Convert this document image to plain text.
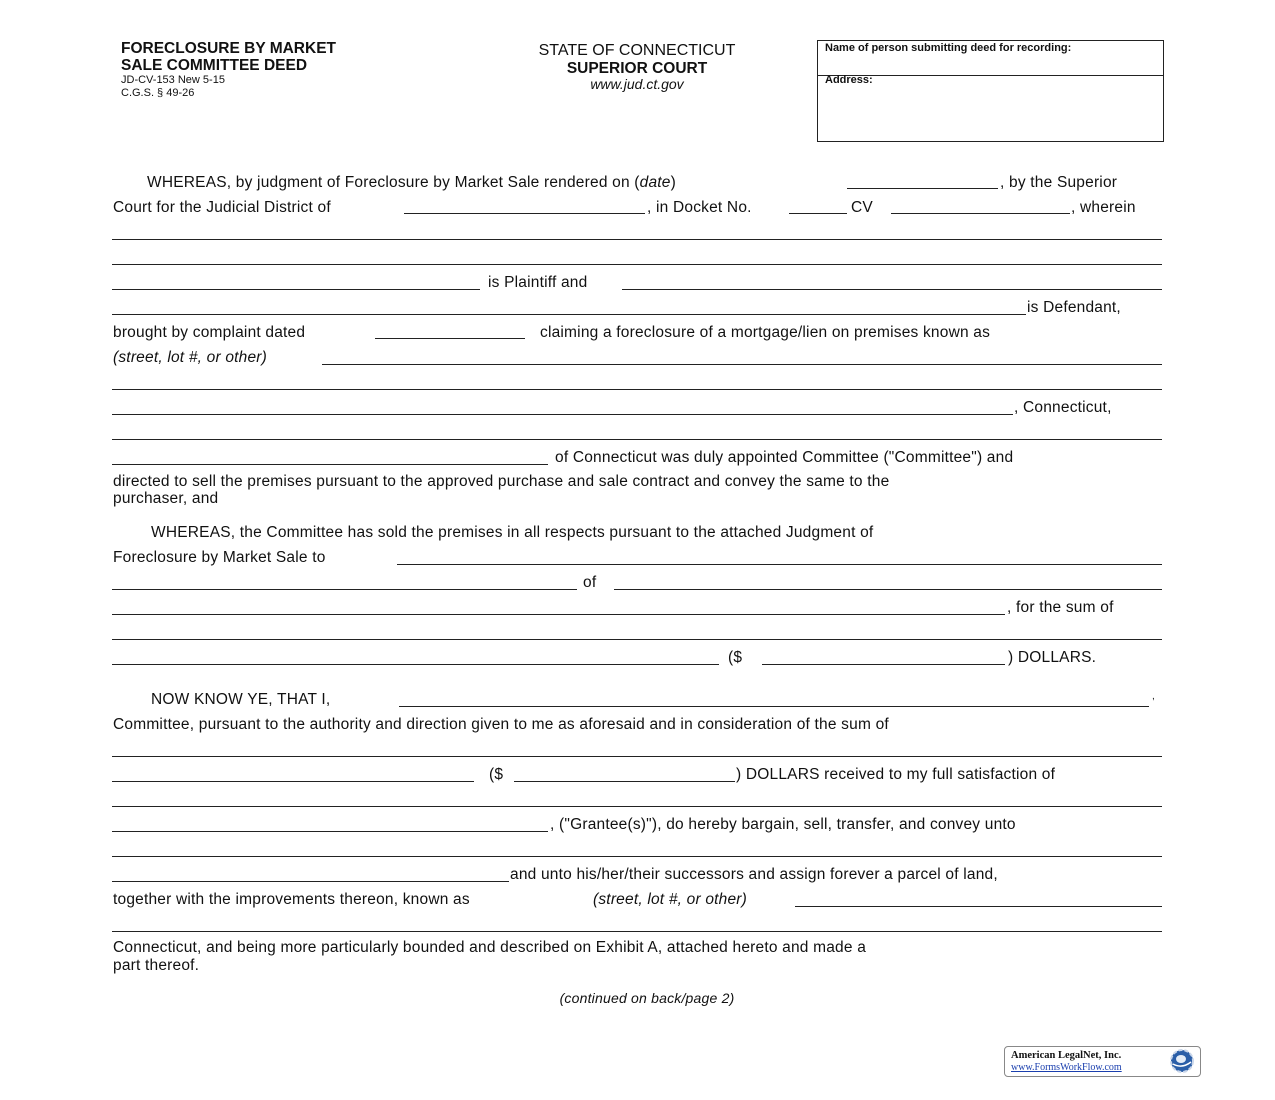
FORECLOSURE BY MARKET
SALE COMMITTEE DEED
JD-CV-153 New 5-15
C.G.S. § 49-26
STATE OF CONNECTICUT
SUPERIOR COURT
www.jud.ct.gov
Name of person submitting deed for recording:
Address:
WHEREAS, by judgment of Foreclosure by Market Sale rendered on (date)	, by the Superior
Court for the Judicial District of	, in Docket No.	CV	, wherein
is Plaintiff and
is Defendant,
brought by complaint dated	claiming a foreclosure of a mortgage/lien on premises known as
(street, lot #, or other)
, Connecticut,
of Connecticut was duly appointed Committee ("Committee") and
directed to sell the premises pursuant to the approved purchase and sale contract and convey the same to the
purchaser, and
WHEREAS, the Committee has sold the premises in all respects pursuant to the attached Judgment of
Foreclosure by Market Sale to
of
, for the sum of
($	) DOLLARS.
NOW KNOW YE, THAT I,	,
Committee, pursuant to the authority and direction given to me as aforesaid and in consideration of the sum of
($	) DOLLARS received to my full satisfaction of
, ("Grantee(s)"), do hereby bargain, sell, transfer, and convey unto
and unto his/her/their successors and assign forever a parcel of land,
together with the improvements thereon, known as	(street, lot #, or other)
Connecticut, and being more particularly bounded and described on Exhibit A, attached hereto and made a
part thereof.
(continued on back/page 2)
American LegalNet, Inc.
www.FormsWorkFlow.com
